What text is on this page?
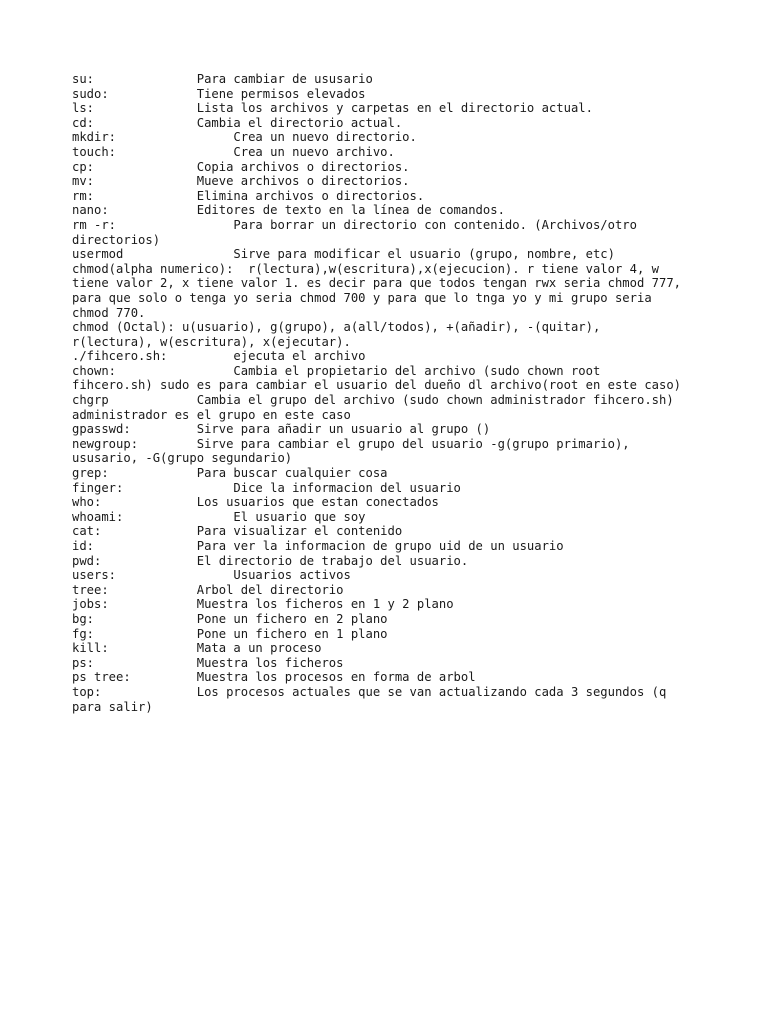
su:              Para cambiar de ususario
sudo:            Tiene permisos elevados
ls:              Lista los archivos y carpetas en el directorio actual.
cd:              Cambia el directorio actual.
mkdir:                Crea un nuevo directorio.
touch:                Crea un nuevo archivo.
cp:              Copia archivos o directorios.
mv:              Mueve archivos o directorios.
rm:              Elimina archivos o directorios.
nano:            Editores de texto en la línea de comandos.
rm -r:                Para borrar un directorio con contenido. (Archivos/otro
directorios)
usermod               Sirve para modificar el usuario (grupo, nombre, etc)
chmod(alpha numerico):  r(lectura),w(escritura),x(ejecucion). r tiene valor 4, w
tiene valor 2, x tiene valor 1. es decir para que todos tengan rwx seria chmod 777,
para que solo o tenga yo seria chmod 700 y para que lo tnga yo y mi grupo seria
chmod 770.
chmod (Octal): u(usuario), g(grupo), a(all/todos), +(añadir), -(quitar),
r(lectura), w(escritura), x(ejecutar).
./fihcero.sh:         ejecuta el archivo
chown:                Cambia el propietario del archivo (sudo chown root
fihcero.sh) sudo es para cambiar el usuario del dueño dl archivo(root en este caso)
chgrp            Cambia el grupo del archivo (sudo chown administrador fihcero.sh)
administrador es el grupo en este caso
gpasswd:         Sirve para añadir un usuario al grupo ()
newgroup:        Sirve para cambiar el grupo del usuario -g(grupo primario),
ususario, -G(grupo segundario)
grep:            Para buscar cualquier cosa
finger:               Dice la informacion del usuario
who:             Los usuarios que estan conectados
whoami:               El usuario que soy
cat:             Para visualizar el contenido
id:              Para ver la informacion de grupo uid de un usuario
pwd:             El directorio de trabajo del usuario.
users:                Usuarios activos
tree:            Arbol del directorio
jobs:            Muestra los ficheros en 1 y 2 plano
bg:              Pone un fichero en 2 plano
fg:              Pone un fichero en 1 plano
kill:            Mata a un proceso
ps:              Muestra los ficheros
ps tree:         Muestra los procesos en forma de arbol
top:             Los procesos actuales que se van actualizando cada 3 segundos (q
para salir)
